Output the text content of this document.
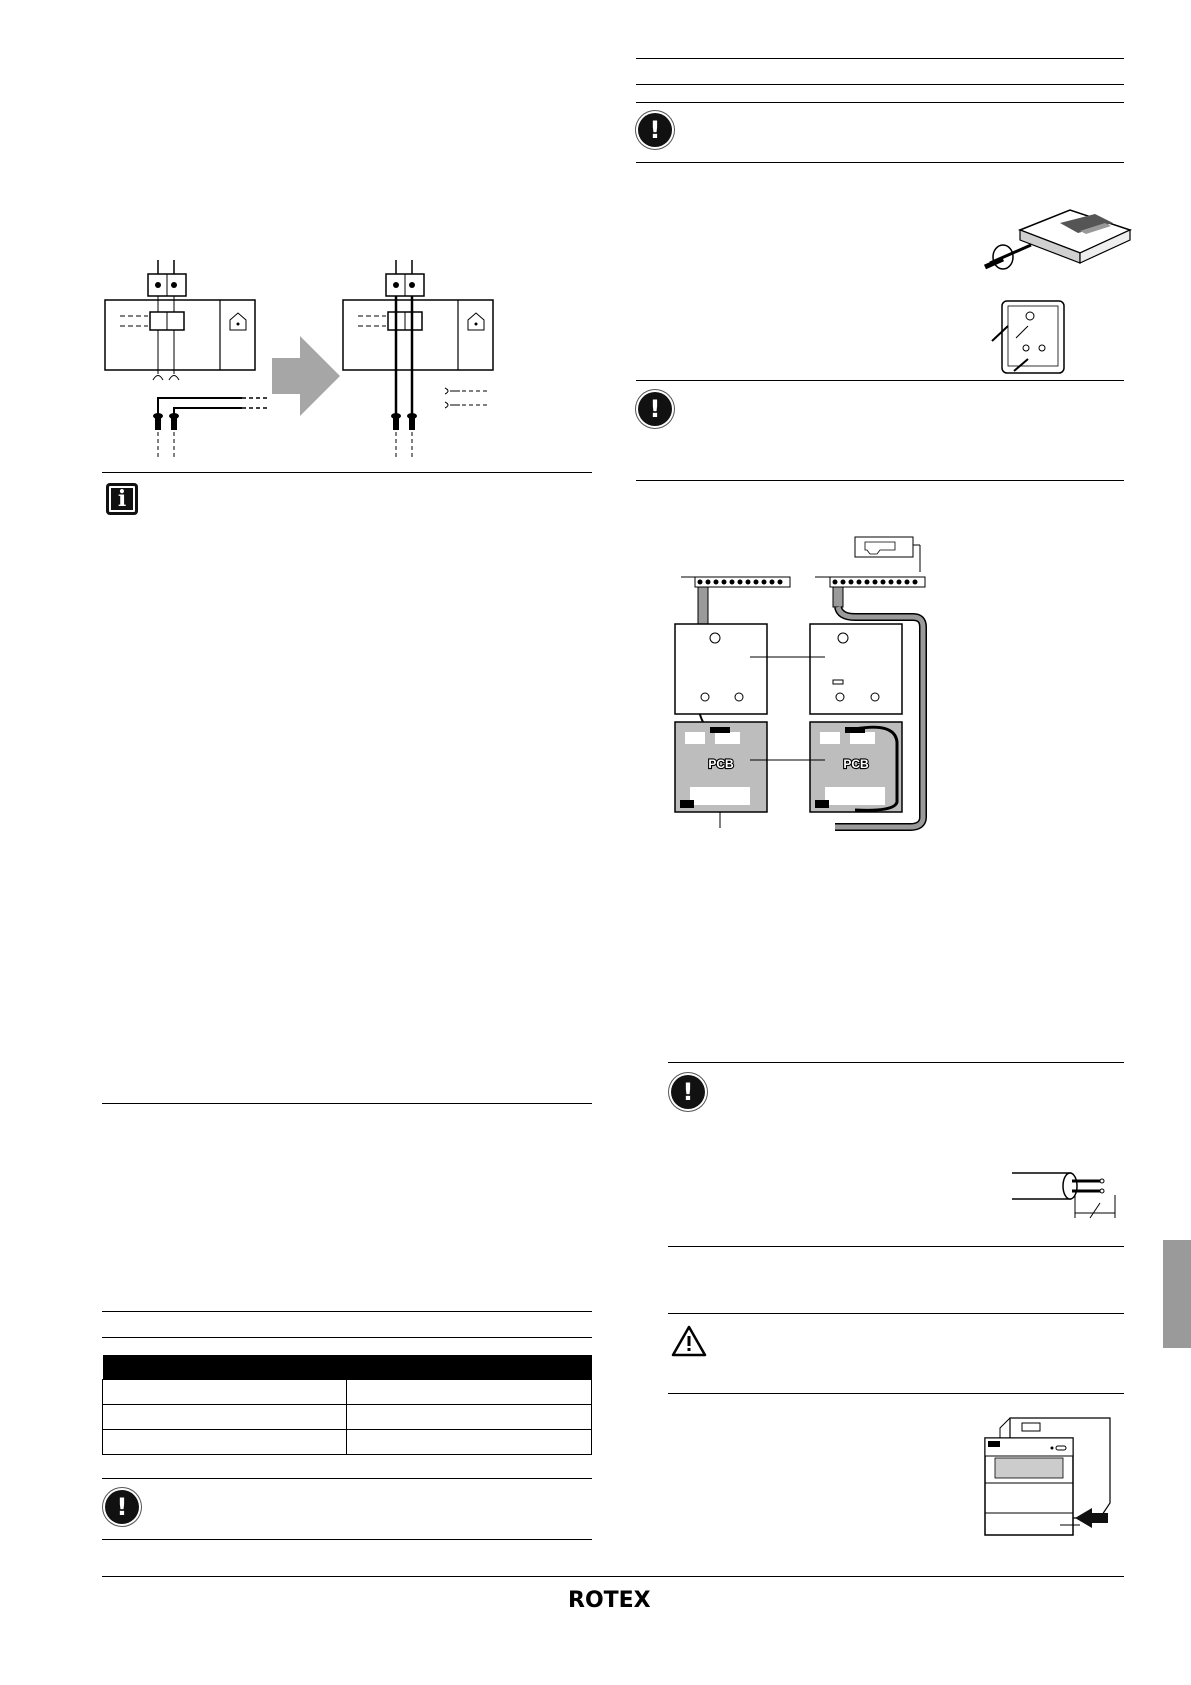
i

!
!
!
PCB	PCB
!
ROTEX
